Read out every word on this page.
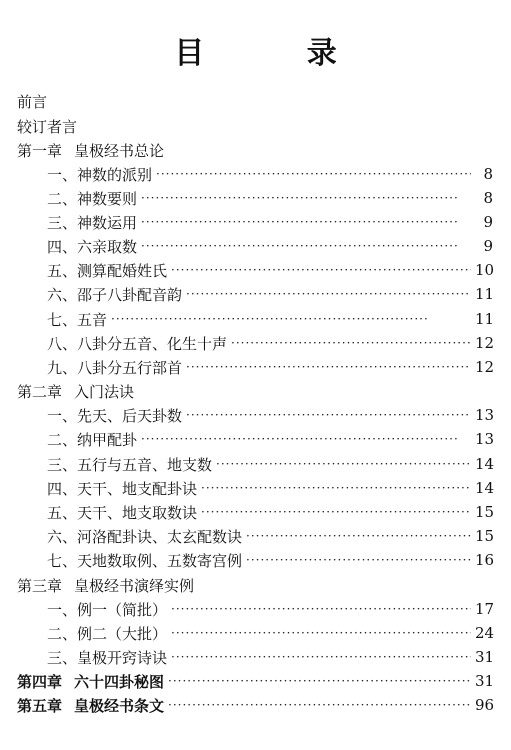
目 录
前言
较订者言
第一章 皇极经书总论
一、神数的派别 ·····	8
二、神数要则 ·····	8
三、神数运用 ·····	9
四、六亲取数 ·····	9
五、测算配婚姓氏 ·····	10
六、邵子八卦配音韵 ·····	11
七、五音 ·····	11
八、八卦分五音、化生十声 ·····	12
九、八卦分五行部首 ·····	12
第二章 入门法诀
一、先天、后天卦数 ·····	13
二、纳甲配卦 ·····	13
三、五行与五音、地支数 ·····	14
四、天干、地支配卦诀 ·····	14
五、天干、地支取数诀 ·····	15
六、河洛配卦诀、太玄配数诀 ·····	15
七、天地数取例、五数寄宫例 ·····	16
第三章 皇极经书演绎实例
一、例一（简批） ·····	17
二、例二（大批） ·····	24
三、皇极开窍诗诀 ·····	31
第四章 六十四卦秘图 ·····	31
第五章 皇极经书条文 ·····	96
